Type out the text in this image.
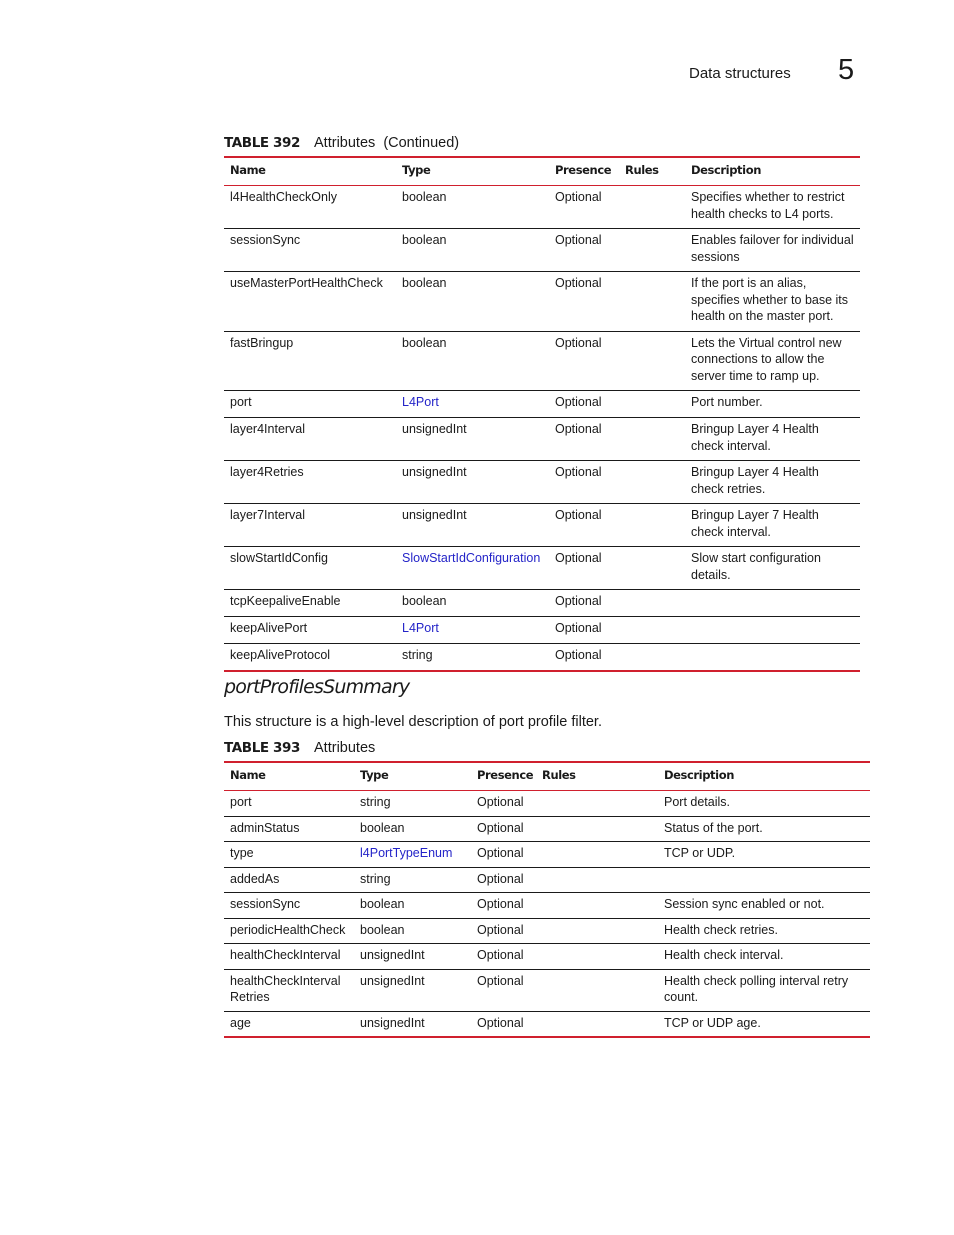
Data structures 5
TABLE 392 Attributes  (Continued)
Name	Type	Presence	Rules	Description
l4HealthCheckOnly	boolean	Optional		Specifies whether to restrict health checks to L4 ports.
sessionSync	boolean	Optional		Enables failover for individual sessions
useMasterPortHealthCheck	boolean	Optional		If the port is an alias, specifies whether to base its health on the master port.
fastBringup	boolean	Optional		Lets the Virtual control new connections to allow the server time to ramp up.
port	L4Port	Optional		Port number.
layer4Interval	unsignedInt	Optional		Bringup Layer 4 Health check interval.
layer4Retries	unsignedInt	Optional		Bringup Layer 4 Health check retries.
layer7Interval	unsignedInt	Optional		Bringup Layer 7 Health check interval.
slowStartIdConfig	SlowStartIdConfiguration	Optional		Slow start configuration details.
tcpKeepaliveEnable	boolean	Optional		
keepAlivePort	L4Port	Optional		
keepAliveProtocol	string	Optional		
portProfilesSummary
This structure is a high-level description of port profile filter.
TABLE 393 Attributes
Name	Type	Presence	Rules	Description
port	string	Optional		Port details.
adminStatus	boolean	Optional		Status of the port.
type	l4PortTypeEnum	Optional		TCP or UDP.
addedAs	string	Optional		
sessionSync	boolean	Optional		Session sync enabled or not.
periodicHealthCheck	boolean	Optional		Health check retries.
healthCheckInterval	unsignedInt	Optional		Health check interval.
healthCheckInterval Retries	unsignedInt	Optional		Health check polling interval retry count.
age	unsignedInt	Optional		TCP or UDP age.
